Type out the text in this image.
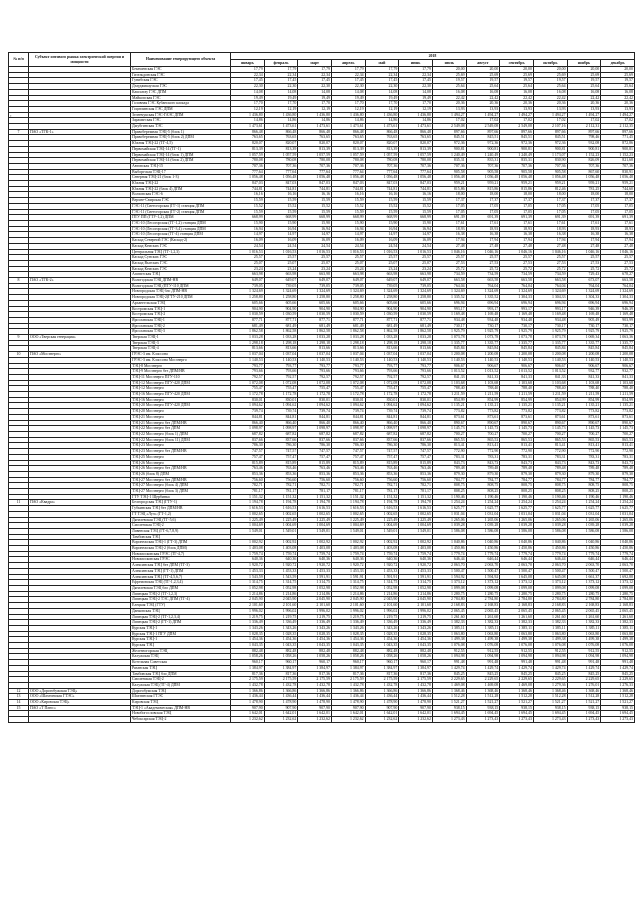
,
№ п/п	Субъект оптового рынка электрической энергии и мощности	Наименование генерирующего объекта	2018											
			январь	февраль	март	апрель	май	июнь	июль	август	сентябрь	октябрь	ноябрь	декабрь
		Бекешевская ГЭС	17,79	17,79	17,79	17,79	17,79	17,79	20,00	20,00	20,00	20,00	20,00	20,00
		Гизельдонская ГЭС	22,34	22,34	22,34	22,34	22,34	22,34	25,69	25,69	25,69	25,69	25,69	25,69
		Гунибская ГЭС	17,45	17,45	17,45	17,45	17,45	17,45	19,57	19,57	19,57	19,57	19,57	19,57
		Дзауджикауская ГЭС	22,30	22,30	22,30	22,30	22,30	22,30	25,64	25,64	25,64	25,64	25,64	25,64
		Кашхатау ГЭС ДПМ	14,08	14,08	14,08	14,08	14,08	14,08	16,08	16,08	16,08	16,08	16,08	16,08
		Майкопская ГЭС	19,49	19,49	19,49	19,49	19,49	19,49	22,42	22,42	22,42	22,42	22,42	22,42
		Головная ГЭС Кубанского каскада	17,70	17,70	17,70	17,70	17,70	17,70	20,36	20,36	20,36	20,36	20,36	20,36
		Гоцатлинская ГЭС ДПМ	12,19	12,19	12,19	12,19	12,19	12,19	13,93	13,93	13,93	13,93	13,93	13,93
		Зеленчукская ГЭС-ГАЭС ДПМ	1 436,80	1 436,80	1 436,80	1 436,80	1 436,80	1 436,80	1 494,27	1 494,27	1 494,27	1 494,27	1 494,27	1 494,27
		Зарамагская ГЭС	14,86	14,86	14,86	14,86	14,86	14,86	17,02	17,02	17,02	17,02	17,02	17,02
		Джубгинская ТЭС	1 473,61	1 473,61	1 473,61	1 473,61	1 473,61	1 473,61	2 549,08	2 549,08	2 549,08	2 107,16	2 112,31	2 112,35
7	ПАО «ТГК-1»	Правобережная ТЭЦ-5 (блок 1)	866,48	866,48	866,48	866,48	866,48	866,48	897,66	897,66	897,66	897,66	897,66	897,66
		Правобережная ТЭЦ-5 (блок 2) ДПМ	763,65	763,65	763,65	763,65	763,65	763,65	845,51	845,51	845,51	845,51	798,46	771,45
		Южная ТЭЦ-22 (ТГ-4,5)	820,07	820,07	820,07	820,07	820,07	820,07	972,36	972,36	972,36	972,36	932,08	872,86
		Первомайская ТЭЦ-14 (ТГ-1)	813,39	813,39	813,39	813,39	813,39	813,39	900,81	900,81	900,81	900,81	900,81	900,81
		Первомайская ТЭЦ-14 (блок 1) ДПМ	1 057,59	1 057,59	1 057,59	1 057,59	1 057,59	1 057,59	1 240,49	1 240,49	1 240,49	1 173,07	1 152,23	1 152,23
		Первомайская ТЭЦ-14 (блок 2) ДПМ	780,08	780,08	780,08	780,08	780,08	780,08	835,31	835,31	835,31	830,90	826,09	821,68
		Автовская ТЭЦ-15	707,36	707,36	707,36	707,36	707,36	707,36	707,36	707,36	707,36	707,36	707,36	707,36
		Выборгская ТЭЦ-17	777,64	777,64	777,64	777,64	777,64	777,64	905,58	905,58	905,58	905,58	867,60	830,91
		Северная ТЭЦ-21 (блок 1-3)	1 056,48	1 056,48	1 056,48	1 056,48	1 056,48	1 056,48	1 056,48	1 056,48	1 056,48	1 056,48	1 056,48	1 056,48
		Южная ТЭЦ-22	847,03	847,03	847,03	847,03	847,03	847,03	959,21	959,21	959,21	959,21	959,21	959,21
		Южная ТЭЦ-22 (блок 4) ДПМ	744,81	744,81	744,81	744,81	744,81	744,81	815,86	815,86	815,86	812,46	781,25	744,60
		Волховская ГЭС-6	16,16	16,16	16,16	16,16	16,16	16,16	18,00	18,00	18,00	18,00	18,00	18,00
		Верхне-Свирская ГЭС	15,59	15,59	15,59	15,59	15,59	15,59	17,37	17,37	17,37	17,37	17,37	17,37
		ГЭС-11 (Светогорская (ГГ-1) станция ДПМ	15,52	15,52	15,52	15,52	15,52	15,52	17,05	17,05	17,05	17,05	17,05	17,05
		ГЭС-11 (Светогорская (ГГ-2) станция ДПМ	15,59	15,59	15,59	15,59	15,59	15,59	17,05	17,05	17,05	17,05	17,05	17,05
		ПТУ ПП (ГТУ-1,2) ДПМ	668,99	668,99	668,99	668,99	668,99	668,99	691,39	691,39	691,39	691,39	691,39	691,39
		ГЭС-10 (Лесогорская (ГГ-1,2) станция ДПМ	15,90	15,90	15,90	15,90	15,90	15,90	17,61	17,61	17,61	17,61	17,61	17,61
		ГЭС-10 (Лесогорская (ГГ-3,4) станция ДПМ	16,94	16,94	16,94	16,94	16,94	16,94	18,93	18,93	18,93	18,93	18,93	18,93
		ГЭС-10 (Лесогорская (ГГ-4) станция ДПМ	14,97	14,97	14,97	14,97	14,97	14,97	16,38	16,38	16,38	16,38	16,38	16,38
		Каскад Северной ГЭС (Каскад-2)	16,09	16,09	16,09	16,09	16,09	16,09	17,94	17,94	17,94	17,94	17,94	17,94
		Каскад Кемских ГЭС	24,54	24,54	24,54	24,54	24,54	24,54	27,48	27,48	27,48	27,48	27,48	27,48
		Центральная ТЭЦ (ТГ-1,2,3)	1 016,53	1 016,53	1 016,53	1 016,53	1 016,53	1 016,53	1 046,16	1 046,16	1 046,16	1 046,16	1 046,16	1 046,16
		Каскад Сунских ГЭС	25,57	25,57	25,57	25,57	25,57	25,57	25,57	25,57	25,57	25,57	25,57	25,57
		Каскад Выгских ГЭС	25,07	25,07	25,07	25,07	25,07	25,07	27,53	27,53	27,53	27,53	27,53	27,53
		Каскад Кемских ГЭС	23,24	23,24	23,24	23,24	23,24	23,24	25,72	25,72	25,72	25,72	25,72	25,72
		Апатитская ТЭЦ	663,98	663,98	663,98	663,98	663,98	663,98	734,59	734,59	734,59	734,59	729,43	678,27
8	ПАО «ТГК-2»	Вологодская ТЭЦ ДПМ-НВ	649,07	649,07	649,07	649,07	649,07	649,07	663,58	663,58	663,58	663,58	673,07	663,58
		Вологодская ТЭЦ (ПТУ-110 ДПМ	739,05	739,05	739,05	739,05	739,05	739,05	764,04	764,04	764,04	764,04	764,04	764,04
		Новгородская ТЭЦ бло ДПМ-НВ	1 324,69	1 324,69	1 324,69	1 324,69	1 324,69	1 324,69	1 324,69	1 324,69	1 324,69	1 324,69	1 324,69	1 324,69
		Новгородская ТЭЦ-2(ГТУ-210 ДПМ	1 258,80	1 258,80	1 258,80	1 258,80	1 258,80	1 258,80	1 335,52	1 335,52	1 304,33	1 304,33	1 304,33	1 304,33
		Архангельская ТЭЦ	605,66	605,66	605,66	605,66	605,66	605,66	696,94	696,94	696,94	696,94	696,94	696,94
		Костромская ТЭЦ-1	904,90	904,90	904,90	904,90	904,90	904,90	993,17	993,17	993,17	993,17	946,39	946,39
		Костромская ТЭЦ-2	1 030,59	1 030,59	1 030,59	1 030,59	1 030,59	1 030,59	1 169,48	1 169,48	1 169,48	1 169,48	1 169,48	1 169,48
		Ярославская ТЭЦ-1	877,71	877,71	877,71	877,71	877,71	877,71	934,48	934,48	934,48	934,48	905,49	903,99
		Ярославская ТЭЦ-2	681,49	681,49	681,49	681,49	681,49	681,49	730,17	730,17	730,17	730,17	730,17	730,17
		Ярославская ТЭЦ-3	1 862,58	1 862,58	1 862,58	1 862,58	1 862,58	1 862,58	1 925,79	1 925,79	1 925,79	1 925,79	1 925,79	1 925,79
9	ООО «Тверская генерация»	Тверская ТЭЦ-1	1 033,28	1 033,28	1 033,28	1 033,28	1 033,28	1 033,28	1 073,78	1 073,78	1 073,78	1 073,78	1 069,34	1 063,36
		Тверская ТЭЦ-3	1 298,18	1 298,18	1 298,18	1 298,18	1 298,18	1 298,18	1 335,77	1 335,77	1 335,77	1 335,77	1 335,77	1 335,77
		Тверская ТЭЦ-4	813,66	813,66	813,66	813,66	813,66	813,66	845,84	845,84	845,84	845,84	845,84	845,84
10	ПАО «Мосэнерго»	ГРЭС-3 им. Классона	1 037,04	1 037,04	1 037,04	1 037,04	1 037,04	1 037,04	1 200,08	1 200,08	1 200,08	1 200,08	1 200,08	1 200,08
		ГРЭС-3 им. Классона Мосэнерго	1 140,53	1 140,53	1 140,53	1 140,53	1 140,53	1 140,53	1 140,53	1 140,53	1 140,53	1 140,53	1 140,53	1 140,53
		ТЭЦ-8 Мосэнерго	793,77	793,77	793,77	793,77	793,77	793,77	906,67	906,67	906,67	906,67	906,67	906,67
		ТЭЦ-9 Мосэнерго без ДПМ/НВ	793,66	793,66	793,66	793,66	793,66	793,66	1 013,52	1 013,52	1 013,52	1 013,52	932,77	932,77
		ТЭЦ-11 Мосэнерго ПГУ-110	792,57	792,57	792,57	792,57	792,57	792,57	841,33	841,33	841,33	841,33	841,33	841,33
		ТЭЦ-12 Мосэнерго ПГУ-420 ДПМ	1 072,08	1 072,08	1 072,08	1 072,08	1 072,08	1 072,08	1 103,68	1 103,68	1 103,68	1 103,68	1 103,68	1 103,68
		ТЭЦ-12 Мосэнерго	755,47	755,47	755,47	755,47	755,47	755,47	788,40	788,40	788,40	788,40	788,40	788,40
		ТЭЦ-16 Мосэнерго ПГУ-420 ДПМ	1 172,78	1 172,78	1 172,78	1 172,78	1 172,78	1 172,78	1 211,59	1 211,59	1 211,59	1 211,59	1 211,59	1 211,59
		ТЭЦ-16 Мосэнерго	830,01	830,01	830,01	830,01	830,01	830,01	854,99	854,99	854,99	854,99	854,99	854,99
		ТЭЦ-20 Мосэнерго ПГУ-420 ДПМ	1 094,62	1 094,62	1 094,62	1 094,62	1 094,62	1 094,62	1 135,21	1 135,21	1 135,21	1 135,21	1 135,21	1 135,21
		ТЭЦ-20 Мосэнерго	739,74	739,74	739,74	739,74	739,74	739,74	773,82	773,82	773,82	773,82	773,82	773,82
		ТЭЦ-21 Мосэнерго	844,81	844,81	844,81	844,81	844,81	844,81	873,61	873,61	873,61	873,61	873,61	873,61
		ТЭЦ-21 Мосэнерго без ДПМ/НВ	866,40	866,40	866,40	866,40	866,40	866,40	890,67	890,67	890,67	890,67	890,67	890,67
		ТЭЦ-22 Мосэнерго без ДПМ	1 098,97	1 098,97	1 098,97	1 098,97	1 098,97	1 098,97	1 145,73	1 145,73	1 145,73	1 145,73	1 145,73	1 145,73
		ТЭЦ-22 Мосэнерго (блок 1) ДПМ	687,82	687,82	687,82	687,82	687,82	687,82	700,27	700,27	700,27	700,27	700,27	700,27
		ТЭЦ-22 Мосэнерго (блок 11) ДПМ	837,66	837,66	837,66	837,66	837,66	837,66	865,53	865,53	865,53	865,53	865,53	865,53
		ТЭЦ-23 Мосэнерго	786,30	786,30	786,30	786,30	786,30	786,30	813,41	813,41	813,41	813,41	813,41	813,41
		ТЭЦ-23 Мосэнерго без ДПМ/НВ	747,57	747,57	747,57	747,57	747,57	747,57	772,90	772,90	772,90	772,90	772,90	772,90
		ТЭЦ-25 Мосэнерго	757,47	757,47	757,47	757,47	757,47	757,47	783,31	783,31	783,31	783,31	783,31	783,31
		ТЭЦ-26 Мосэнерго	815,89	815,89	815,89	815,89	815,89	815,89	843,73	843,73	843,73	843,73	843,73	843,73
		ТЭЦ-26 Мосэнерго без ДПМ/НВ	763,46	763,46	763,46	763,46	763,46	763,46	789,48	789,48	789,48	789,48	789,48	789,48
		ТЭЦ-26 (блок 8) ДПМ	853,36	853,36	853,36	853,36	853,36	853,36	879,30	879,30	879,30	879,30	879,30	879,30
		ТЭЦ-27 Мосэнерго без ДПМ/НВ	756,60	756,60	756,60	756,60	756,60	756,60	784,77	784,77	784,77	784,77	784,77	784,77
		ТЭЦ-27 Мосэнерго (блок 4) ДПМ	782,71	782,71	782,71	782,71	782,71	782,71	808,75	808,75	808,75	808,75	808,75	808,75
		ТЭЦ-27 Мосэнерго (блок 3) ДПМ	781,17	781,17	781,17	781,17	781,17	781,17	808,25	808,25	808,25	808,25	808,25	808,25
		ГТУ ТЭЦ-1 Щербинка	1 151,32	1 151,32	1 151,32	1 151,32	1 151,32	1 151,32	1 190,46	1 190,46	1 190,46	1 190,46	1 190,46	1 190,46
11	ПАО «Квадра»	Белгородская ТЭЦ (ГТУ-1)	1 194,78	1 194,78	1 194,78	1 194,78	1 194,78	1 194,78	1 254,24	1 254,24	1 254,24	1 254,24	1 254,24	1 254,24
		Губкинская ТЭЦ без ДПМ/НВ	1 616,53	1 616,53	1 616,53	1 616,53	1 616,53	1 616,53	1 625,77	1 625,77	1 625,77	1 625,77	1 625,77	1 625,77
		ГТ ТЭЦ «Луч» (ГТ-1,2)	1 002,65	1 002,65	1 002,65	1 002,65	1 002,65	1 002,65	1 031,04	1 031,04	1 031,04	1 031,04	1 031,04	1 031,04
		Дягилевская ТЭЦ (ТГ-5,6)	1 225,49	1 225,49	1 225,49	1 225,49	1 225,49	1 225,49	1 265,06	1 265,06	1 265,06	1 265,06	1 265,06	1 265,06
		Смоленская ТЭЦ-2	1 004,69	1 004,69	1 004,69	1 004,69	1 004,69	1 004,69	1 039,28	1 039,28	1 039,28	1 039,28	1 039,28	1 039,28
		Ливенская ТЭЦ (ГТ-6,7,8,9)	1 549,01	1 549,01	1 549,01	1 549,01	1 549,01	1 549,01	1 586,08	1 586,08	1 586,08	1 586,08	1 586,08	1 586,08
		Тамбовская ТЭЦ												
		Воронежская ТЭЦ-1 (ГТ-3) ДПМ	1 002,92	1 002,92	1 002,92	1 002,92	1 002,92	1 002,92	1 040,86	1 040,86	1 040,86	1 040,86	1 040,86	1 040,86
		Воронежская ТЭЦ-2 (блок ДПМ)	1 403,08	1 403,08	1 403,08	1 403,08	1 403,08	1 403,08	1 450,86	1 450,86	1 450,86	1 450,86	1 450,86	1 450,86
		Новомосковская ГРЭС (ТГ-4,7)	1 759,74	1 759,74	1 759,74	1 759,74	1 759,74	1 759,74	1 779,74	1 779,74	1 779,74	1 779,74	1 779,74	1 779,74
		Новомосковская ГРЭС	640,36	640,36	640,36	640,36	640,36	640,36	646,44	646,44	646,44	646,44	646,44	646,44
		Алексинская ТЭЦ без ДПМ (ТГ-3)	1 920,72	1 920,72	1 920,72	1 920,72	1 920,72	1 920,72	2 063,70	2 063,70	2 063,70	2 063,70	2 063,70	2 063,70
		Алексинская ТЭЦ (ГТ-1) ДПМ	1 453,33	1 453,33	1 453,33	1 453,33	1 453,33	1 453,33	1 500,47	1 500,47	1 500,47	1 500,47	1 500,47	1 500,47
		Алексинская ТЭЦ (ТГ-4,5,6,7)	1 543,59	1 543,59	1 591,91	1 591,91	1 591,91	1 591,91	1 594,92	1 594,92	1 645,08	1 645,08	1 661,37	1 692,88
		Ефремовская ТЭЦ (ТГ-1,2,3,4)	1 314,75	1 314,75	1 314,75	1 314,75	1 314,75	1 314,75	1 373,12	1 373,12	1 373,12	1 373,12	1 373,12	1 373,12
		Дягилевская ТЭЦ бло ДПМ	1 052,98	1 052,98	1 052,98	1 052,98	1 052,98	1 052,98	1 099,08	1 099,08	1 099,08	1 099,08	1 099,08	1 099,08
		Липецкая ТЭЦ-2 (ТГ-1,2,3)	1 214,86	1 214,86	1 214,86	1 214,86	1 214,86	1 214,86	1 280,75	1 280,75	1 280,75	1 280,75	1 280,75	1 280,75
		Липецкая ТЭЦ-2 ТЭС ДПМ (ТГ-4)	2 045,90	2 045,90	2 045,90	2 045,90	2 045,90	2 045,90	2 784,80	2 784,80	2 784,80	2 784,80	2 784,80	2 784,80
		Елецкая ТЭЦ (ГТУ)	2 101,60	2 101,60	2 101,60	2 101,60	2 101,60	2 101,60	2 168,83	2 168,83	2 168,83	2 168,83	2 168,83	2 168,83
		Данковская ТЭЦ	1 996,02	1 996,02	1 996,02	1 996,02	1 996,02	1 996,02	2 065,45	2 065,45	2 065,45	2 065,45	2 065,45	2 065,45
		Липецкая ТЭЦ-2 (ТГ-1,2,3,4)	1 219,75	1 219,75	1 219,75	1 219,75	1 219,75	1 219,75	1 261,60	1 261,60	1 261,60	1 261,60	1 261,60	1 261,60
		Липецкая ТЭЦ-2 (ГТ-1) ДПМ	1 336,49	1 336,49	1 336,49	1 336,49	1 336,49	1 336,49	1 382,33	1 382,33	1 382,33	1 382,33	1 382,33	1 382,33
		Курская ТЭЦ-1	1 343,26	1 343,26	1 343,26	1 343,26	1 343,26	1 343,26	1 385,11	1 385,11	1 385,11	1 385,11	1 385,11	1 385,11
		Курская ТЭЦ-1 ПГУ ДПМ	1 028,35	1 028,35	1 028,35	1 028,35	1 028,35	1 028,35	1 063,80	1 063,80	1 063,80	1 063,80	1 063,80	1 063,80
		Курская ТЭЦ-1	1 454,36	1 454,36	1 454,36	1 454,36	1 454,36	1 454,36	1 499,38	1 499,38	1 499,38	1 499,38	1 499,38	1 499,38
		Курская ТЭЦ	1 043,35	1 043,35	1 043,35	1 043,35	1 043,35	1 043,35	1 076,08	1 076,08	1 076,08	1 076,08	1 076,08	1 076,08
		Железногорская ТЭЦ	882,48	882,48	882,48	882,48	882,48	882,48	912,55	912,55	912,55	912,55	912,55	912,55
		Калужская ТЭЦ	1 058,26	1 058,26	1 058,26	1 058,26	1 058,26	1 058,26	1 094,98	1 094,98	1 094,98	1 094,98	1 094,98	1 094,98
		Котельная Советская	960,17	960,17	960,17	960,17	960,17	960,17	991,48	991,48	991,48	991,48	991,48	991,48
		Рязанская ТЭЦ	1 384,97	1 384,97	1 384,97	1 384,97	1 384,97	1 384,97	1 429,74	1 429,74	1 429,74	1 429,74	1 429,74	1 429,74
		Тамбовская ТЭЦ бло ДПМ	817,36	817,36	817,36	817,36	817,36	817,36	845,25	845,25	845,25	845,25	845,25	845,25
		Смоленская ТЭЦ-2	2 175,59	2 175,59	2 175,59	2 175,59	2 175,59	2 175,59	2 229,65	2 229,65	2 229,65	2 229,65	2 229,65	2 229,65
		Калужская ТЭЦ (ТГ-4) ДПМ	1 432,78	1 432,78	1 432,78	1 432,78	1 432,78	1 432,78	1 469,08	1 469,08	1 469,08	1 279,36	1 276,01	1 276,33
12	ООО «Дорогобужская ТЭЦ»	Дорогобужская ТЭЦ	1 366,86	1 366,86	1 366,86	1 366,86	1 366,86	1 366,86	1 368,46	1 368,46	1 368,46	1 368,46	1 368,46	1 368,46
13	ООО «Шахтинская ГТЭС»	Шахтинская ГТЭС	1 436,44	1 436,44	1 436,44	1 436,44	1 436,44	1 436,44	1 512,28	1 512,28	1 512,28	1 512,28	1 512,28	1 512,28
14	ООО «Кировская ТЭЦ»	Кировская ТЭЦ	1 478,90	1 478,90	1 478,90	1 478,90	1 478,90	1 478,90	1 521,27	1 521,27	1 521,27	1 521,27	1 521,27	1 521,27
15	ПАО «Т Плюс»	ТЭЦ-1 «Академическая» ДПМ-НВ	907,90	907,90	907,90	907,90	907,90	907,90	938,15	938,15	938,15	938,15	938,15	938,15
		Новобогословская ТЭЦ	1 642,01	1 642,01	1 642,01	1 642,01	1 642,01	1 642,01	1 694,45	1 694,45	1 694,45	1 694,45	1 694,45	1 694,45
		Чебоксарская ТЭЦ-2	1 232,62	1 232,62	1 232,62	1 232,62	1 232,62	1 232,62	1 273,43	1 273,43	1 273,43	1 273,43	1 273,43	1 273,43
